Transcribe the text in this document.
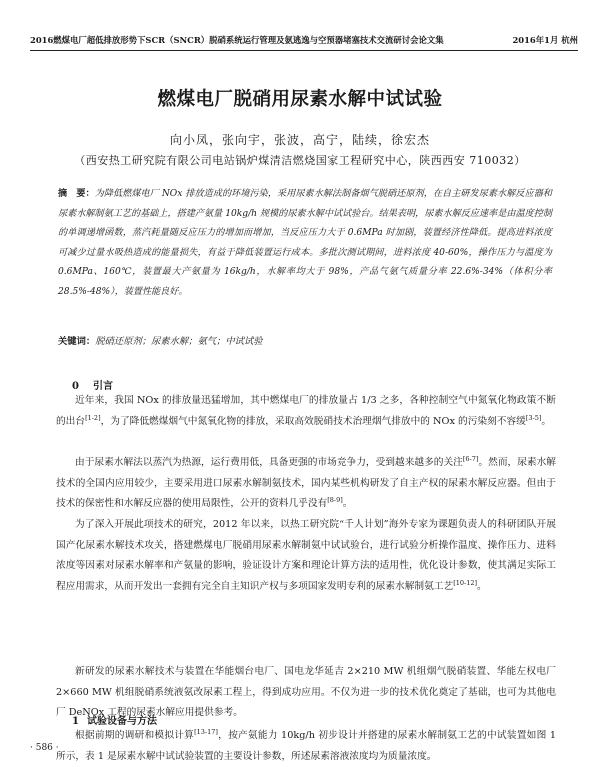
2016燃煤电厂超低排放形势下SCR（SNCR）脱硝系统运行管理及氨逃逸与空预器堵塞技术交流研讨会论文集	2016年1月 杭州
燃煤电厂脱硝用尿素水解中试试验
向小凤，张向宇，张波，高宁，陆续，徐宏杰
（西安热工研究院有限公司电站锅炉煤清洁燃烧国家工程研究中心，陕西西安 710032）
摘　要：为降低燃煤电厂 NOx 排放造成的环境污染，采用尿素水解法制备烟气脱硝还原剂，在自主研发尿素水解反应器和尿素水解制氨工艺的基础上，搭建产氨量 10kg/h 规模的尿素水解中试试验台。结果表明，尿素水解反应速率是由温度控制的单调递增函数，蒸汽耗量随反应压力的增加而增加，当反应压力大于 0.6MPa 时加剧，装置经济性降低。提高进料浓度可减少过量水吸热造成的能量损失，有益于降低装置运行成本。多批次测试期间，进料浓度 40-60%，操作压力与温度为 0.6MPa、160℃，装置最大产氨量为 16kg/h，水解率均大于 98%，产品气氨气质量分率 22.6%-34%（体积分率 28.5%-48%），装置性能良好。
关键词：脱硝还原剂；尿素水解；氨气；中试试验
0 引言

近年来，我国 NOx 的排放量迅猛增加，其中燃煤电厂的排放量占 1/3 之多，各种控制空气中氮氧化物政策不断的出台[1-2]，为了降低燃煤烟气中氮氧化物的排放，采取高效脱硝技术治理烟气排放中的 NOx 的污染刻不容缓[3-5]。

由于尿素水解法以蒸汽为热源，运行费用低，具备更强的市场竞争力，受到越来越多的关注[6-7]。然而，尿素水解技术的全国内应用较少，主要采用进口尿素水解制氨技术，国内某些机构研发了自主产权的尿素水解反应器。但由于技术的保密性和水解反应器的使用局限性，公开的资料几乎没有[8-9]。

为了深入开展此项技术的研究，2012 年以来，以热工研究院“千人计划”海外专家为课题负责人的科研团队开展国产化尿素水解技术攻关，搭建燃煤电厂脱硝用尿素水解制氨中试试验台，进行试验分析操作温度、操作压力、进料浓度等因素对尿素水解率和产氨量的影响，验证设计方案和理论计算方法的适用性，优化设计参数，使其满足实际工程应用需求，从而开发出一套拥有完全自主知识产权与多项国家发明专利的尿素水解制氨工艺[10-12]。

新研发的尿素水解技术与装置在华能烟台电厂、国电龙华延吉 2×210 MW 机组烟气脱硝装置、华能左权电厂 2×660 MW 机组脱硝系统液氨改尿素工程上，得到成功应用。不仅为进一步的技术优化奠定了基础，也可为其他电厂 DeNOx 工程的尿素水解应用提供参考。

1 试验设备与方法

根据前期的调研和模拟计算[13-17]，按产氨能力 10kg/h 初步设计并搭建的尿素水解制氨工艺的中试装置如图 1 所示，表 1 是尿素水解中试试验装置的主要设计参数，所述尿素溶液浓度均为质量浓度。

· 586 ·
